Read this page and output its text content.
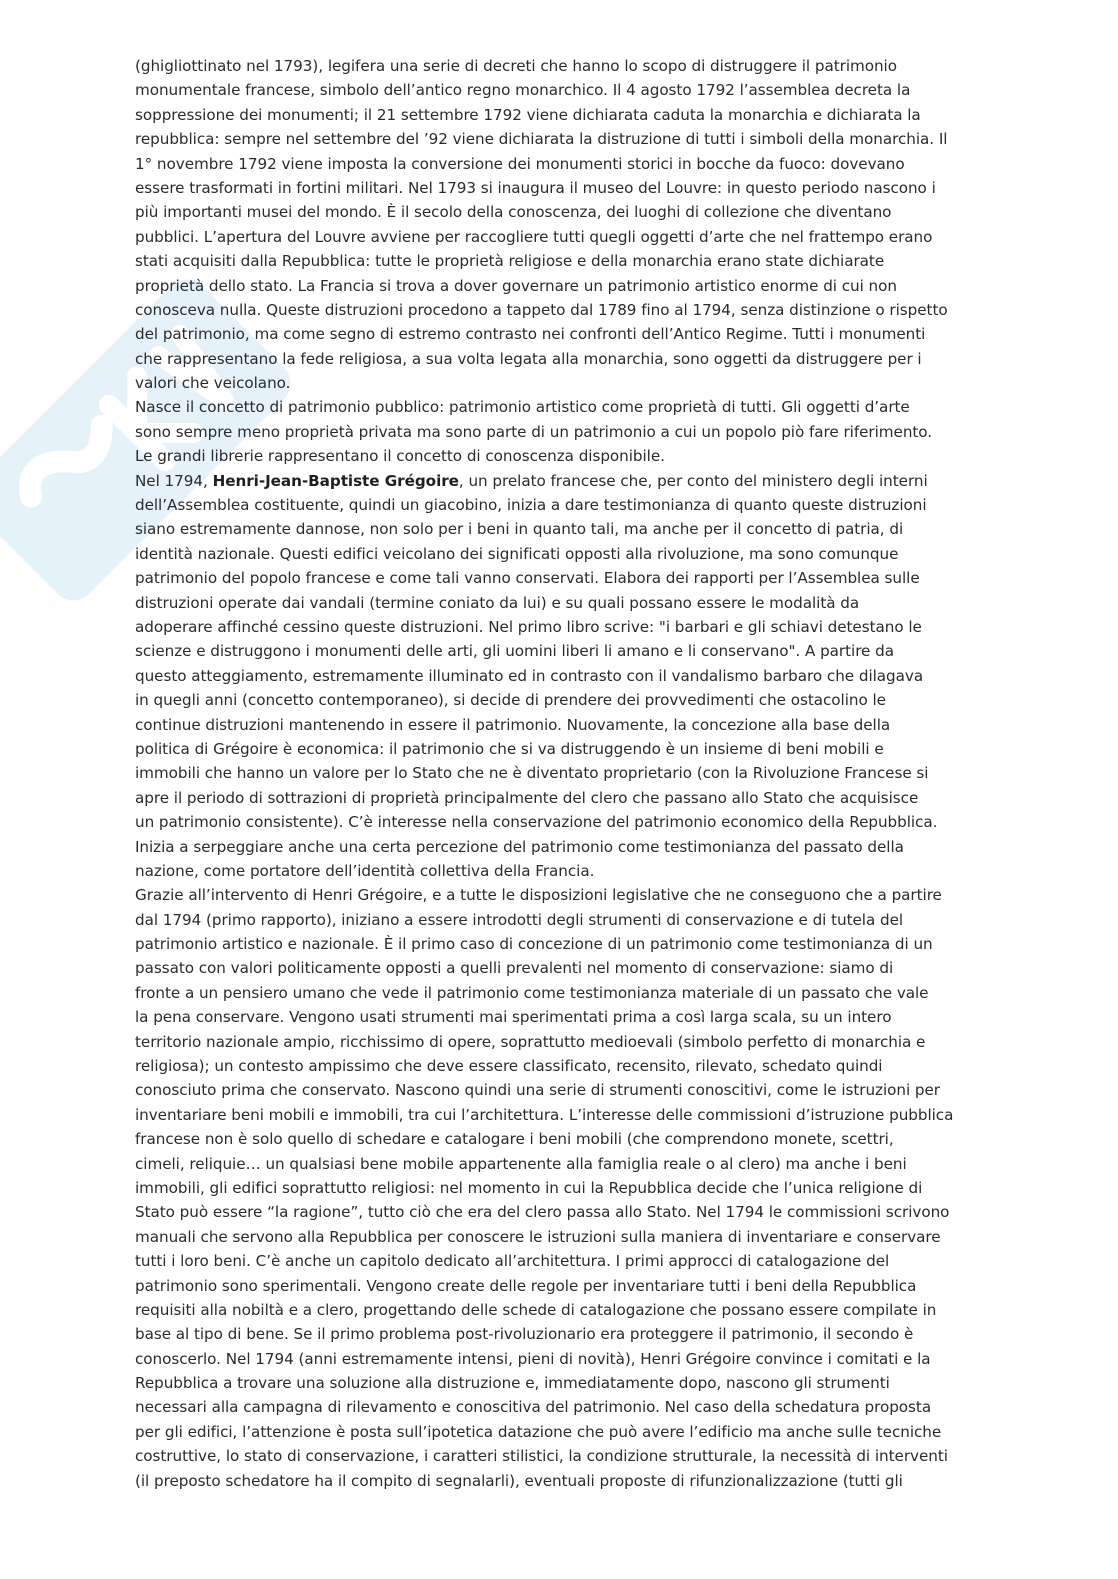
(ghigliottinato nel 1793), legifera una serie di decreti che hanno lo scopo di distruggere il patrimonio
monumentale francese, simbolo dell’antico regno monarchico. Il 4 agosto 1792 l’assemblea decreta la
soppressione dei monumenti; il 21 settembre 1792 viene dichiarata caduta la monarchia e dichiarata la
repubblica: sempre nel settembre del ’92 viene dichiarata la distruzione di tutti i simboli della monarchia. Il
1° novembre 1792 viene imposta la conversione dei monumenti storici in bocche da fuoco: dovevano
essere trasformati in fortini militari. Nel 1793 si inaugura il museo del Louvre: in questo periodo nascono i
più importanti musei del mondo. È il secolo della conoscenza, dei luoghi di collezione che diventano
pubblici. L’apertura del Louvre avviene per raccogliere tutti quegli oggetti d’arte che nel frattempo erano
stati acquisiti dalla Repubblica: tutte le proprietà religiose e della monarchia erano state dichiarate
proprietà dello stato. La Francia si trova a dover governare un patrimonio artistico enorme di cui non
conosceva nulla. Queste distruzioni procedono a tappeto dal 1789 fino al 1794, senza distinzione o rispetto
del patrimonio, ma come segno di estremo contrasto nei confronti dell’Antico Regime. Tutti i monumenti
che rappresentano la fede religiosa, a sua volta legata alla monarchia, sono oggetti da distruggere per i
valori che veicolano.
Nasce il concetto di patrimonio pubblico: patrimonio artistico come proprietà di tutti. Gli oggetti d’arte
sono sempre meno proprietà privata ma sono parte di un patrimonio a cui un popolo piò fare riferimento.
Le grandi librerie rappresentano il concetto di conoscenza disponibile.
Nel 1794, Henri-Jean-Baptiste Grégoire, un prelato francese che, per conto del ministero degli interni
dell’Assemblea costituente, quindi un giacobino, inizia a dare testimonianza di quanto queste distruzioni
siano estremamente dannose, non solo per i beni in quanto tali, ma anche per il concetto di patria, di
identità nazionale. Questi edifici veicolano dei significati opposti alla rivoluzione, ma sono comunque
patrimonio del popolo francese e come tali vanno conservati. Elabora dei rapporti per l’Assemblea sulle
distruzioni operate dai vandali (termine coniato da lui) e su quali possano essere le modalità da
adoperare affinché cessino queste distruzioni. Nel primo libro scrive: "i barbari e gli schiavi detestano le
scienze e distruggono i monumenti delle arti, gli uomini liberi li amano e li conservano". A partire da
questo atteggiamento, estremamente illuminato ed in contrasto con il vandalismo barbaro che dilagava
in quegli anni (concetto contemporaneo), si decide di prendere dei provvedimenti che ostacolino le
continue distruzioni mantenendo in essere il patrimonio. Nuovamente, la concezione alla base della
politica di Grégoire è economica: il patrimonio che si va distruggendo è un insieme di beni mobili e
immobili che hanno un valore per lo Stato che ne è diventato proprietario (con la Rivoluzione Francese si
apre il periodo di sottrazioni di proprietà principalmente del clero che passano allo Stato che acquisisce
un patrimonio consistente). C’è interesse nella conservazione del patrimonio economico della Repubblica.
Inizia a serpeggiare anche una certa percezione del patrimonio come testimonianza del passato della
nazione, come portatore dell’identità collettiva della Francia.
Grazie all’intervento di Henri Grégoire, e a tutte le disposizioni legislative che ne conseguono che a partire
dal 1794 (primo rapporto), iniziano a essere introdotti degli strumenti di conservazione e di tutela del
patrimonio artistico e nazionale. È il primo caso di concezione di un patrimonio come testimonianza di un
passato con valori politicamente opposti a quelli prevalenti nel momento di conservazione: siamo di
fronte a un pensiero umano che vede il patrimonio come testimonianza materiale di un passato che vale
la pena conservare. Vengono usati strumenti mai sperimentati prima a così larga scala, su un intero
territorio nazionale ampio, ricchissimo di opere, soprattutto medioevali (simbolo perfetto di monarchia e
religiosa); un contesto ampissimo che deve essere classificato, recensito, rilevato, schedato quindi
conosciuto prima che conservato. Nascono quindi una serie di strumenti conoscitivi, come le istruzioni per
inventariare beni mobili e immobili, tra cui l’architettura. L’interesse delle commissioni d’istruzione pubblica
francese non è solo quello di schedare e catalogare i beni mobili (che comprendono monete, scettri,
cimeli, reliquie… un qualsiasi bene mobile appartenente alla famiglia reale o al clero) ma anche i beni
immobili, gli edifici soprattutto religiosi: nel momento in cui la Repubblica decide che l’unica religione di
Stato può essere “la ragione”, tutto ciò che era del clero passa allo Stato. Nel 1794 le commissioni scrivono
manuali che servono alla Repubblica per conoscere le istruzioni sulla maniera di inventariare e conservare
tutti i loro beni. C’è anche un capitolo dedicato all’architettura. I primi approcci di catalogazione del
patrimonio sono sperimentali. Vengono create delle regole per inventariare tutti i beni della Repubblica
requisiti alla nobiltà e a clero, progettando delle schede di catalogazione che possano essere compilate in
base al tipo di bene. Se il primo problema post-rivoluzionario era proteggere il patrimonio, il secondo è
conoscerlo. Nel 1794 (anni estremamente intensi, pieni di novità), Henri Grégoire convince i comitati e la
Repubblica a trovare una soluzione alla distruzione e, immediatamente dopo, nascono gli strumenti
necessari alla campagna di rilevamento e conoscitiva del patrimonio. Nel caso della schedatura proposta
per gli edifici, l’attenzione è posta sull’ipotetica datazione che può avere l’edificio ma anche sulle tecniche
costruttive, lo stato di conservazione, i caratteri stilistici, la condizione strutturale, la necessità di interventi
(il preposto schedatore ha il compito di segnalarli), eventuali proposte di rifunzionalizzazione (tutti gli
